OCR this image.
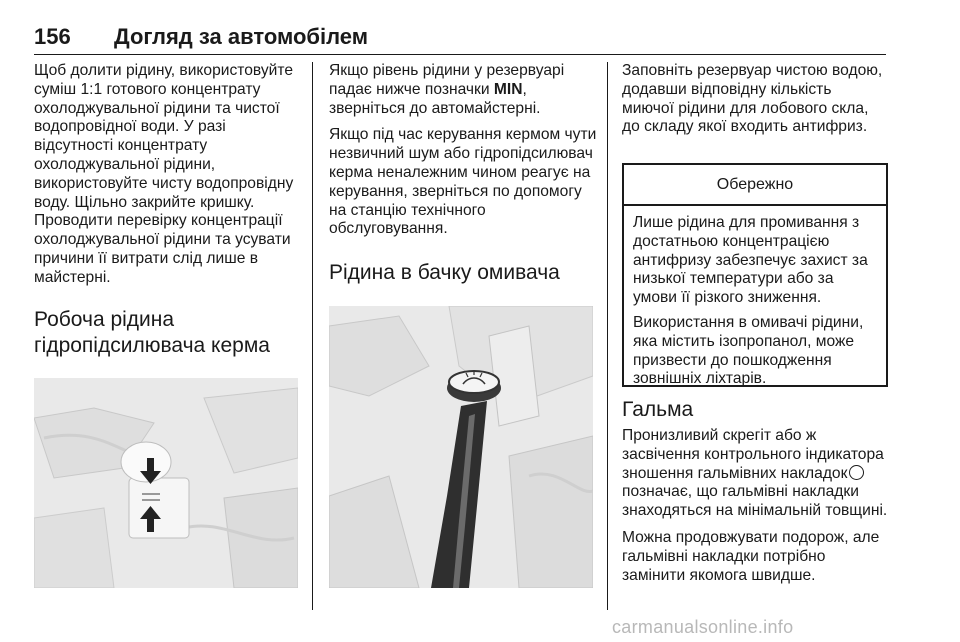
156 Догляд за автомобілем

Щоб долити рідину, використовуйте суміш 1:1 готового концентрату охолоджувальної рідини та чистої водопровідної води. У разі відсутності концентрату охолоджувальної рідини, використовуйте чисту водопровідну воду. Щільно закрийте кришку. Проводити перевірку концентрації охолоджувальної рідини та усувати причини її витрати слід лише в майстерні.

Робоча рідина
гідропідсилювача керма

Якщо рівень рідини у резервуарі падає нижче позначки MIN, зверніться до автомайстерні.

Якщо під час керування кермом чути незвичний шум або гідропідсилювач керма неналежним чином реагує на керування, зверніться по допомогу на станцію технічного обслуговування.

Рідина в бачку омивача

Заповніть резервуар чистою водою, додавши відповідну кількість миючої рідини для лобового скла, до складу якої входить антифриз.

Обережно

Лише рідина для промивання з достатньою концентрацією антифризу забезпечує захист за низької температури або за умови її різкого зниження.

Використання в омивачі рідини, яка містить ізопропанол, може призвести до пошкодження зовнішніх ліхтарів.

Гальма

Пронизливий скрегіт або ж засвічення контрольного індикатора зношення гальмівних накладок позначає, що гальмівні накладки знаходяться на мінімальній товщині.

Можна продовжувати подорож, але гальмівні накладки потрібно замінити якомога швидше.

carmanualsonline.info
